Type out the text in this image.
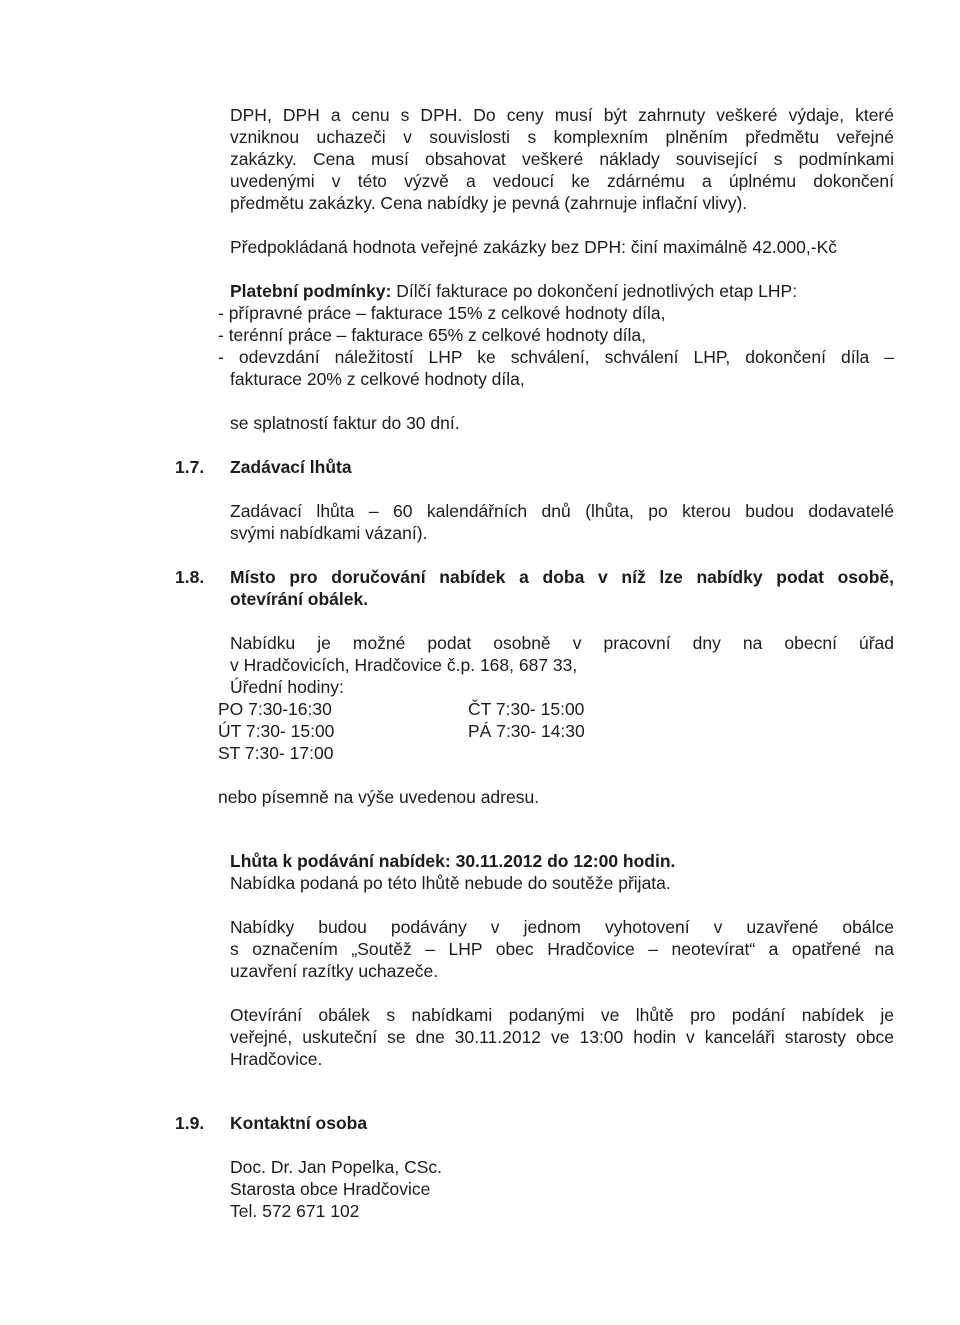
DPH, DPH a cenu s DPH. Do ceny musí být zahrnuty veškeré výdaje, které
vzniknou uchazeči v souvislosti s komplexním plněním předmětu veřejné
zakázky. Cena musí obsahovat veškeré náklady související s podmínkami
uvedenými v této výzvě a vedoucí ke zdárnému a úplnému dokončení
předmětu zakázky. Cena nabídky je pevná (zahrnuje inflační vlivy).
Předpokládaná hodnota veřejné zakázky bez DPH: činí maximálně 42.000,-Kč
Platební podmínky: Dílčí fakturace po dokončení jednotlivých etap LHP:
- přípravné práce – fakturace 15% z celkové hodnoty díla,
- terénní práce – fakturace 65% z celkové hodnoty díla,
- odevzdání náležitostí LHP ke schválení, schválení LHP, dokončení díla –
fakturace 20% z celkové hodnoty díla,
se splatností faktur do 30 dní.
1.7. Zadávací lhůta
Zadávací lhůta – 60 kalendářních dnů (lhůta, po kterou budou dodavatelé
svými nabídkami vázaní).
1.8. Místo pro doručování nabídek a doba v níž lze nabídky podat osobě,
otevírání obálek.
Nabídku je možné podat osobně v pracovní dny na obecní úřad
v Hradčovicích, Hradčovice č.p. 168, 687 33,
Úřední hodiny:
PO 7:30-16:30	ČT 7:30- 15:00
ÚT 7:30- 15:00	PÁ 7:30- 14:30
ST 7:30- 17:00
nebo písemně na výše uvedenou adresu.
Lhůta k podávání nabídek: 30.11.2012 do 12:00 hodin.
Nabídka podaná po této lhůtě nebude do soutěže přijata.
Nabídky budou podávány v jednom vyhotovení v uzavřené obálce
s označením „Soutěž – LHP obec Hradčovice – neotevírat“ a opatřené na
uzavření razítky uchazeče.
Otevírání obálek s nabídkami podanými ve lhůtě pro podání nabídek je
veřejné, uskuteční se dne 30.11.2012 ve 13:00 hodin v kanceláři starosty obce
Hradčovice.
1.9. Kontaktní osoba
Doc. Dr. Jan Popelka, CSc.
Starosta obce Hradčovice
Tel. 572 671 102
